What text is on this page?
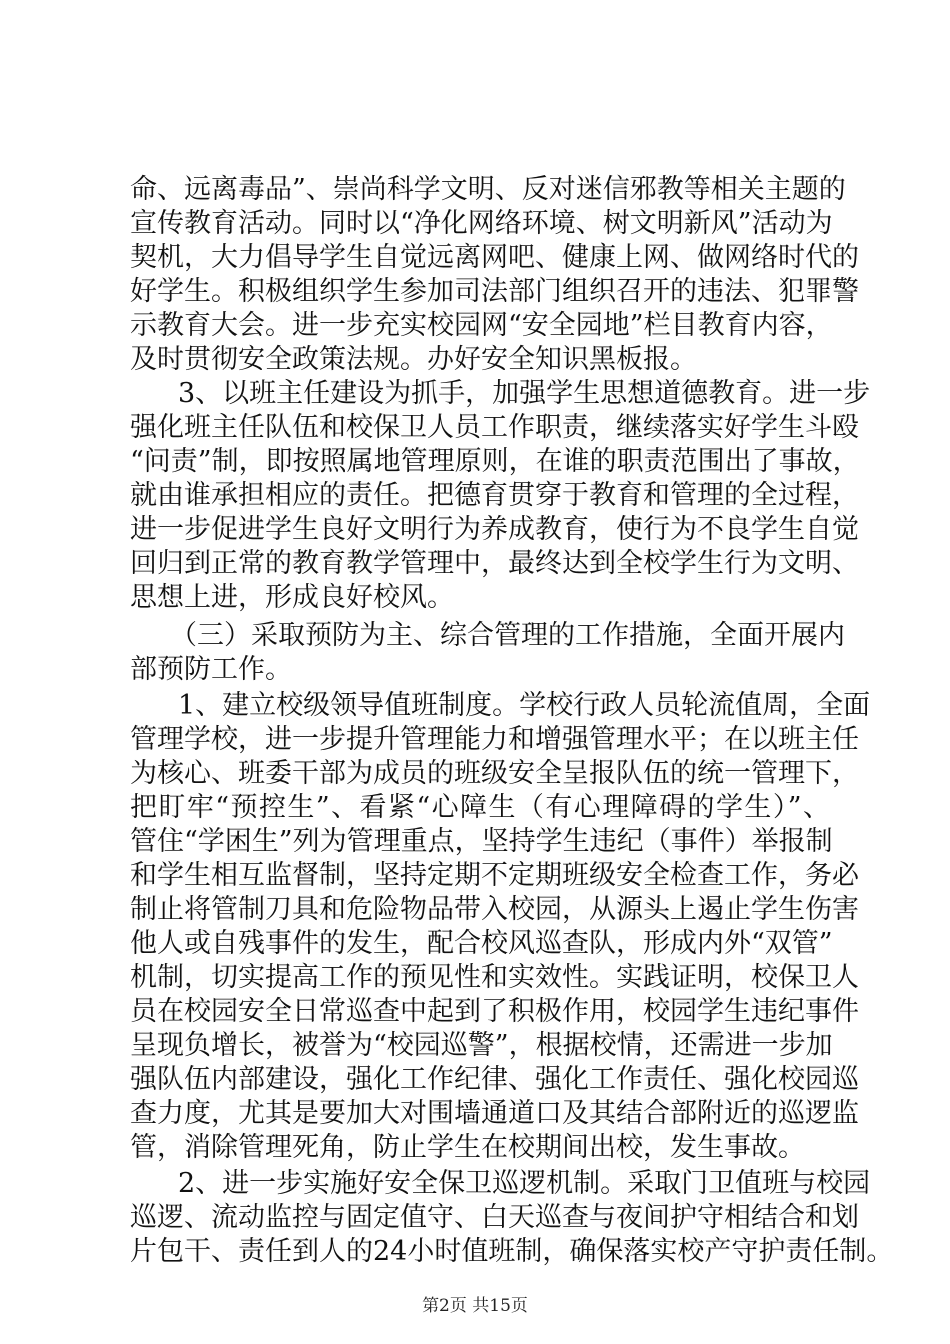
命、远离毒品”、崇尚科学文明、反对迷信邪教等相关主题的
宣传教育活动。同时以“净化网络环境、树文明新风”活动为
契机，大力倡导学生自觉远离网吧、健康上网、做网络时代的
好学生。积极组织学生参加司法部门组织召开的违法、犯罪警
示教育大会。进一步充实校园网“安全园地”栏目教育内容，
及时贯彻安全政策法规。办好安全知识黑板报。
3、以班主任建设为抓手，加强学生思想道德教育。进一步
强化班主任队伍和校保卫人员工作职责，继续落实好学生斗殴
“问责”制，即按照属地管理原则，在谁的职责范围出了事故，
就由谁承担相应的责任。把德育贯穿于教育和管理的全过程，
进一步促进学生良好文明行为养成教育，使行为不良学生自觉
回归到正常的教育教学管理中，最终达到全校学生行为文明、
思想上进，形成良好校风。
（三）采取预防为主、综合管理的工作措施，全面开展内
部预防工作。
1、建立校级领导值班制度。学校行政人员轮流值周，全面
管理学校，进一步提升管理能力和增强管理水平；在以班主任
为核心、班委干部为成员的班级安全呈报队伍的统一管理下，
把盯牢“预控生”、看紧“心障生（有心理障碍的学生）”、
管住“学困生”列为管理重点，坚持学生违纪（事件）举报制
和学生相互监督制，坚持定期不定期班级安全检查工作，务必
制止将管制刀具和危险物品带入校园，从源头上遏止学生伤害
他人或自残事件的发生，配合校风巡查队，形成内外“双管”
机制，切实提高工作的预见性和实效性。实践证明，校保卫人
员在校园安全日常巡查中起到了积极作用，校园学生违纪事件
呈现负增长，被誉为“校园巡警”，根据校情，还需进一步加
强队伍内部建设，强化工作纪律、强化工作责任、强化校园巡
查力度，尤其是要加大对围墙通道口及其结合部附近的巡逻监
管，消除管理死角，防止学生在校期间出校，发生事故。
2、进一步实施好安全保卫巡逻机制。采取门卫值班与校园
巡逻、流动监控与固定值守、白天巡查与夜间护守相结合和划
片包干、责任到人的24小时值班制，确保落实校产守护责任制。
第2页 共15页
